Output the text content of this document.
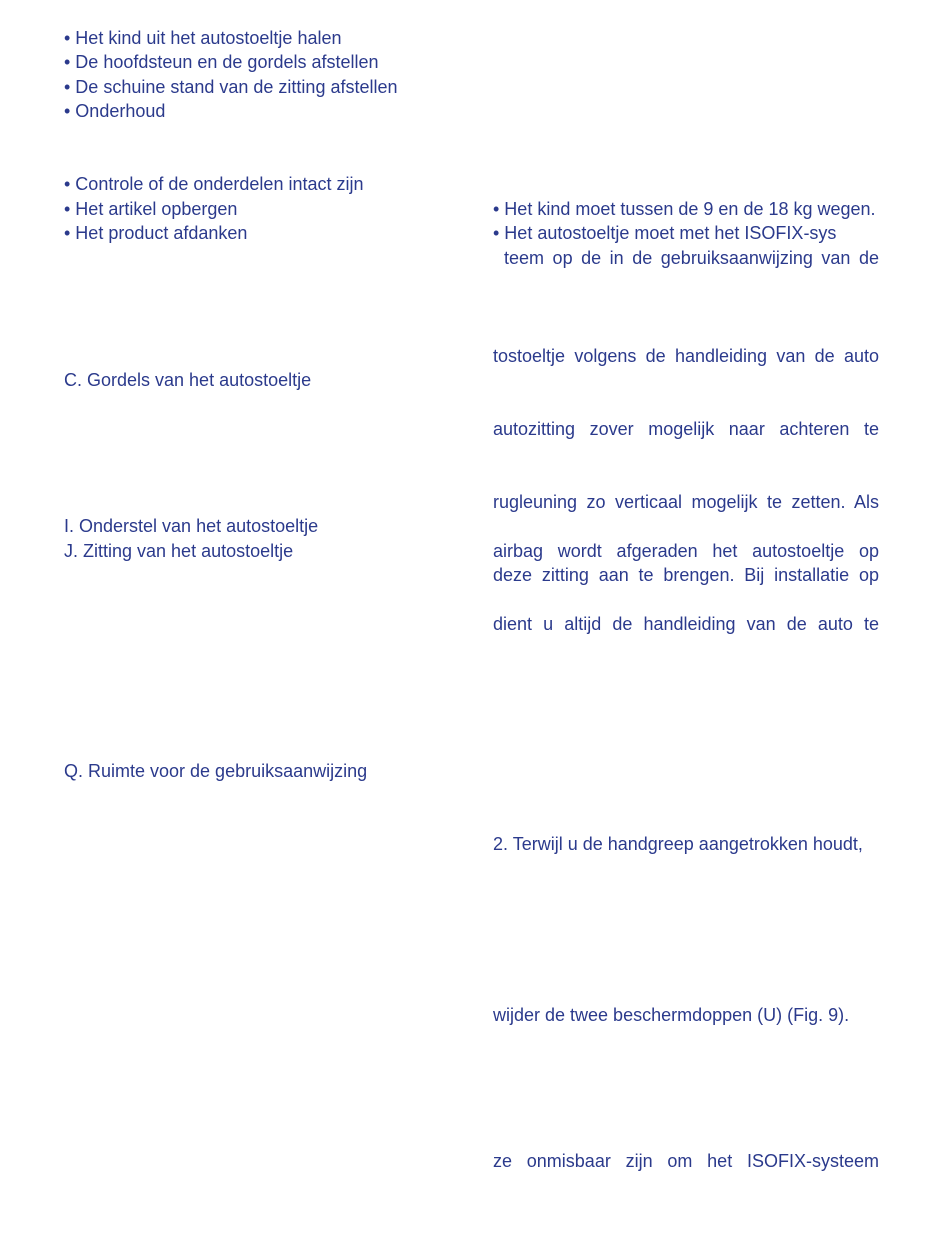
• Het kind uit het autostoeltje halen
• De hoofdsteun en de gordels afstellen
• De schuine stand van de zitting afstellen
• Onderhoud
• Controle of de onderdelen intact zijn
• Het artikel opbergen
• Het product afdanken
C. Gordels van het autostoeltje
I. Onderstel van het autostoeltje
J. Zitting van het autostoeltje
Q. Ruimte voor de gebruiksaanwijzing
• Het kind moet tussen de 9 en de 18 kg wegen.
• Het autostoeltje moet met het ISOFIX-sys
teem op de in de gebruiksaanwijzing van de
tostoeltje volgens de handleiding van de auto
autozitting zover mogelijk naar achteren te
rugleuning zo verticaal mogelijk te zetten. Als
airbag wordt afgeraden het autostoeltje op
deze zitting aan te brengen. Bij installatie op
dient u altijd de handleiding van de auto te
2. Terwijl u de handgreep aangetrokken houdt,
wijder de twee beschermdoppen (U) (Fig. 9).
ze onmisbaar zijn om het ISOFIX-systeem
